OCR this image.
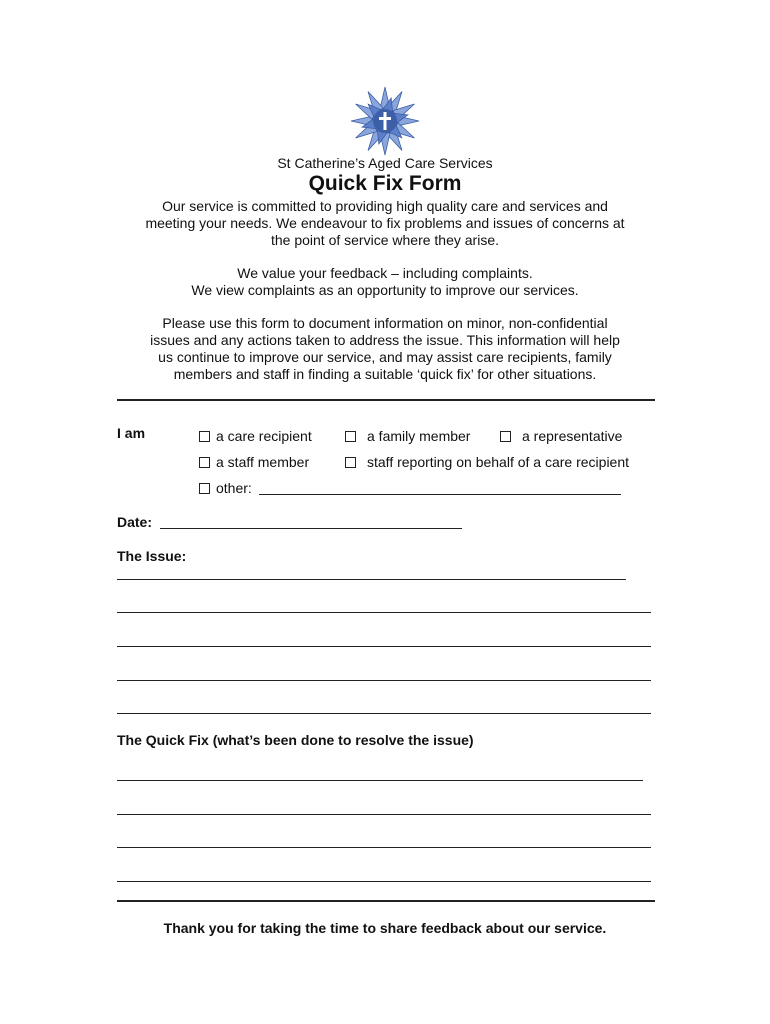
St Catherine’s Aged Care Services
Quick Fix Form
Our service is committed to providing high quality care and services and
meeting your needs. We endeavour to fix problems and issues of concerns at
the point of service where they arise.
We value your feedback – including complaints.
We view complaints as an opportunity to improve our services.
Please use this form to document information on minor, non-confidential
issues and any actions taken to address the issue. This information will help
us continue to improve our service, and may assist care recipients, family
members and staff in finding a suitable ‘quick fix’ for other situations.
I am	a care recipient	a family member	a representative
a staff member	staff reporting on behalf of a care recipient
other:
Date:
The Issue:
The Quick Fix (what’s been done to resolve the issue)
Thank you for taking the time to share feedback about our service.
